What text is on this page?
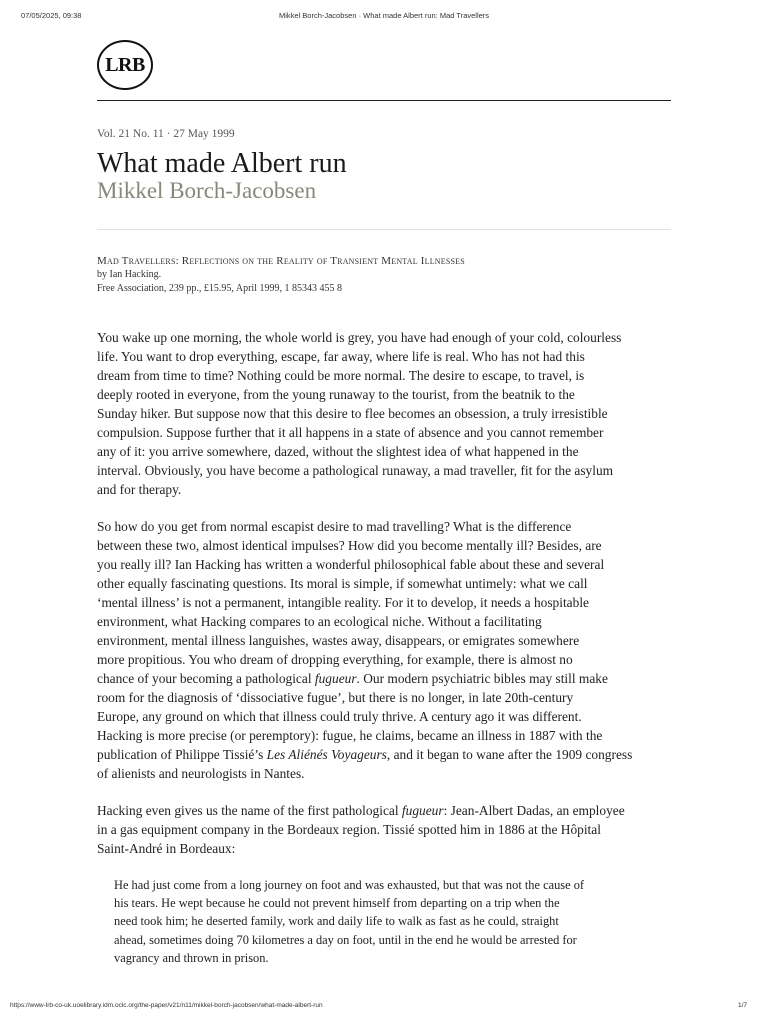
07/05/2025, 09:38	Mikkel Borch-Jacobsen · What made Albert run: Mad Travellers
LRB
Vol. 21 No. 11 · 27 May 1999
What made Albert run
Mikkel Borch-Jacobsen
Mad Travellers: Reflections on the Reality of Transient Mental Illnesses
by Ian Hacking.
Free Association, 239 pp., £15.95, April 1999, 1 85343 455 8

You wake up one morning, the whole world is grey, you have had enough of your cold, colourless
life. You want to drop everything, escape, far away, where life is real. Who has not had this
dream from time to time? Nothing could be more normal. The desire to escape, to travel, is
deeply rooted in everyone, from the young runaway to the tourist, from the beatnik to the
Sunday hiker. But suppose now that this desire to flee becomes an obsession, a truly irresistible
compulsion. Suppose further that it all happens in a state of absence and you cannot remember
any of it: you arrive somewhere, dazed, without the slightest idea of what happened in the
interval. Obviously, you have become a pathological runaway, a mad traveller, fit for the asylum
and for therapy.

So how do you get from normal escapist desire to mad travelling? What is the difference
between these two, almost identical impulses? How did you become mentally ill? Besides, are
you really ill? Ian Hacking has written a wonderful philosophical fable about these and several
other equally fascinating questions. Its moral is simple, if somewhat untimely: what we call
‘mental illness’ is not a permanent, intangible reality. For it to develop, it needs a hospitable
environment, what Hacking compares to an ecological niche. Without a facilitating
environment, mental illness languishes, wastes away, disappears, or emigrates somewhere
more propitious. You who dream of dropping everything, for example, there is almost no
chance of your becoming a pathological fugueur. Our modern psychiatric bibles may still make
room for the diagnosis of ‘dissociative fugue’, but there is no longer, in late 20th-century
Europe, any ground on which that illness could truly thrive. A century ago it was different.
Hacking is more precise (or peremptory): fugue, he claims, became an illness in 1887 with the
publication of Philippe Tissié’s Les Aliénés Voyageurs, and it began to wane after the 1909 congress
of alienists and neurologists in Nantes.

Hacking even gives us the name of the first pathological fugueur: Jean-Albert Dadas, an employee
in a gas equipment company in the Bordeaux region. Tissié spotted him in 1886 at the Hôpital
Saint-André in Bordeaux:

He had just come from a long journey on foot and was exhausted, but that was not the cause of
his tears. He wept because he could not prevent himself from departing on a trip when the
need took him; he deserted family, work and daily life to walk as fast as he could, straight
ahead, sometimes doing 70 kilometres a day on foot, until in the end he would be arrested for
vagrancy and thrown in prison.
https://www-lrb-co-uk.uoelibrary.idm.oclc.org/the-paper/v21/n11/mikkel-borch-jacobsen/what-made-albert-run	1/7
